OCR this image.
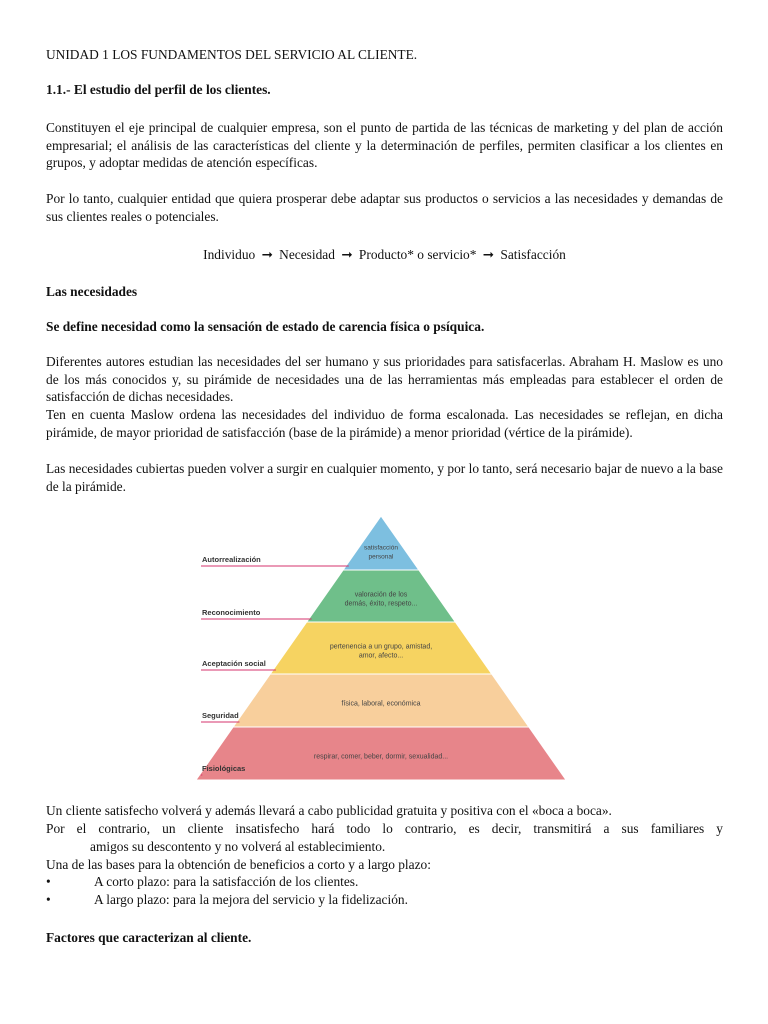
UNIDAD 1 LOS FUNDAMENTOS DEL SERVICIO AL CLIENTE.

1.1.- El estudio del perfil de los clientes.

Constituyen el eje principal de cualquier empresa, son el punto de partida de las técnicas de marketing y del plan de acción empresarial; el análisis de las características del cliente y la determinación de perfiles, permiten clasificar a los clientes en grupos, y adoptar medidas de atención específicas.

Por lo tanto, cualquier entidad que quiera prosperar debe adaptar sus productos o servicios a las necesidades y demandas de sus clientes reales o potenciales.

Individuo ➞ Necesidad ➞ Producto* o servicio* ➞ Satisfacción

Las necesidades

Se define necesidad como la sensación de estado de carencia física o psíquica.

Diferentes autores estudian las necesidades del ser humano y sus prioridades para satisfacerlas. Abraham H. Maslow es uno de los más conocidos y, su pirámide de necesidades una de las herramientas más empleadas para establecer el orden de satisfacción de dichas necesidades.

Ten en cuenta Maslow ordena las necesidades del individuo de forma escalonada. Las necesidades se reflejan, en dicha pirámide, de mayor prioridad de satisfacción (base de la pirámide) a menor prioridad (vértice de la pirámide).

Las necesidades cubiertas pueden volver a surgir en cualquier momento, y por lo tanto, será necesario bajar de nuevo a la base de la pirámide.

Autorrealización
satisfacción
personal
Reconocimiento
valoración de los
demás, éxito, respeto...
Aceptación social
pertenencia a un grupo, amistad,
amor, afecto...
Seguridad
física, laboral, económica
Fisiológicas
respirar, comer, beber, dormir, sexualidad...

Un cliente satisfecho volverá y además llevará a cabo publicidad gratuita y positiva con el «boca a boca».

Por el contrario, un cliente insatisfecho hará todo lo contrario, es decir, transmitirá a sus familiares y
amigos su descontento y no volverá al establecimiento.

Una de las bases para la obtención de beneficios a corto y a largo plazo:

•	A corto plazo: para la satisfacción de los clientes.
•	A largo plazo: para la mejora del servicio y la fidelización.

Factores que caracterizan al cliente.
